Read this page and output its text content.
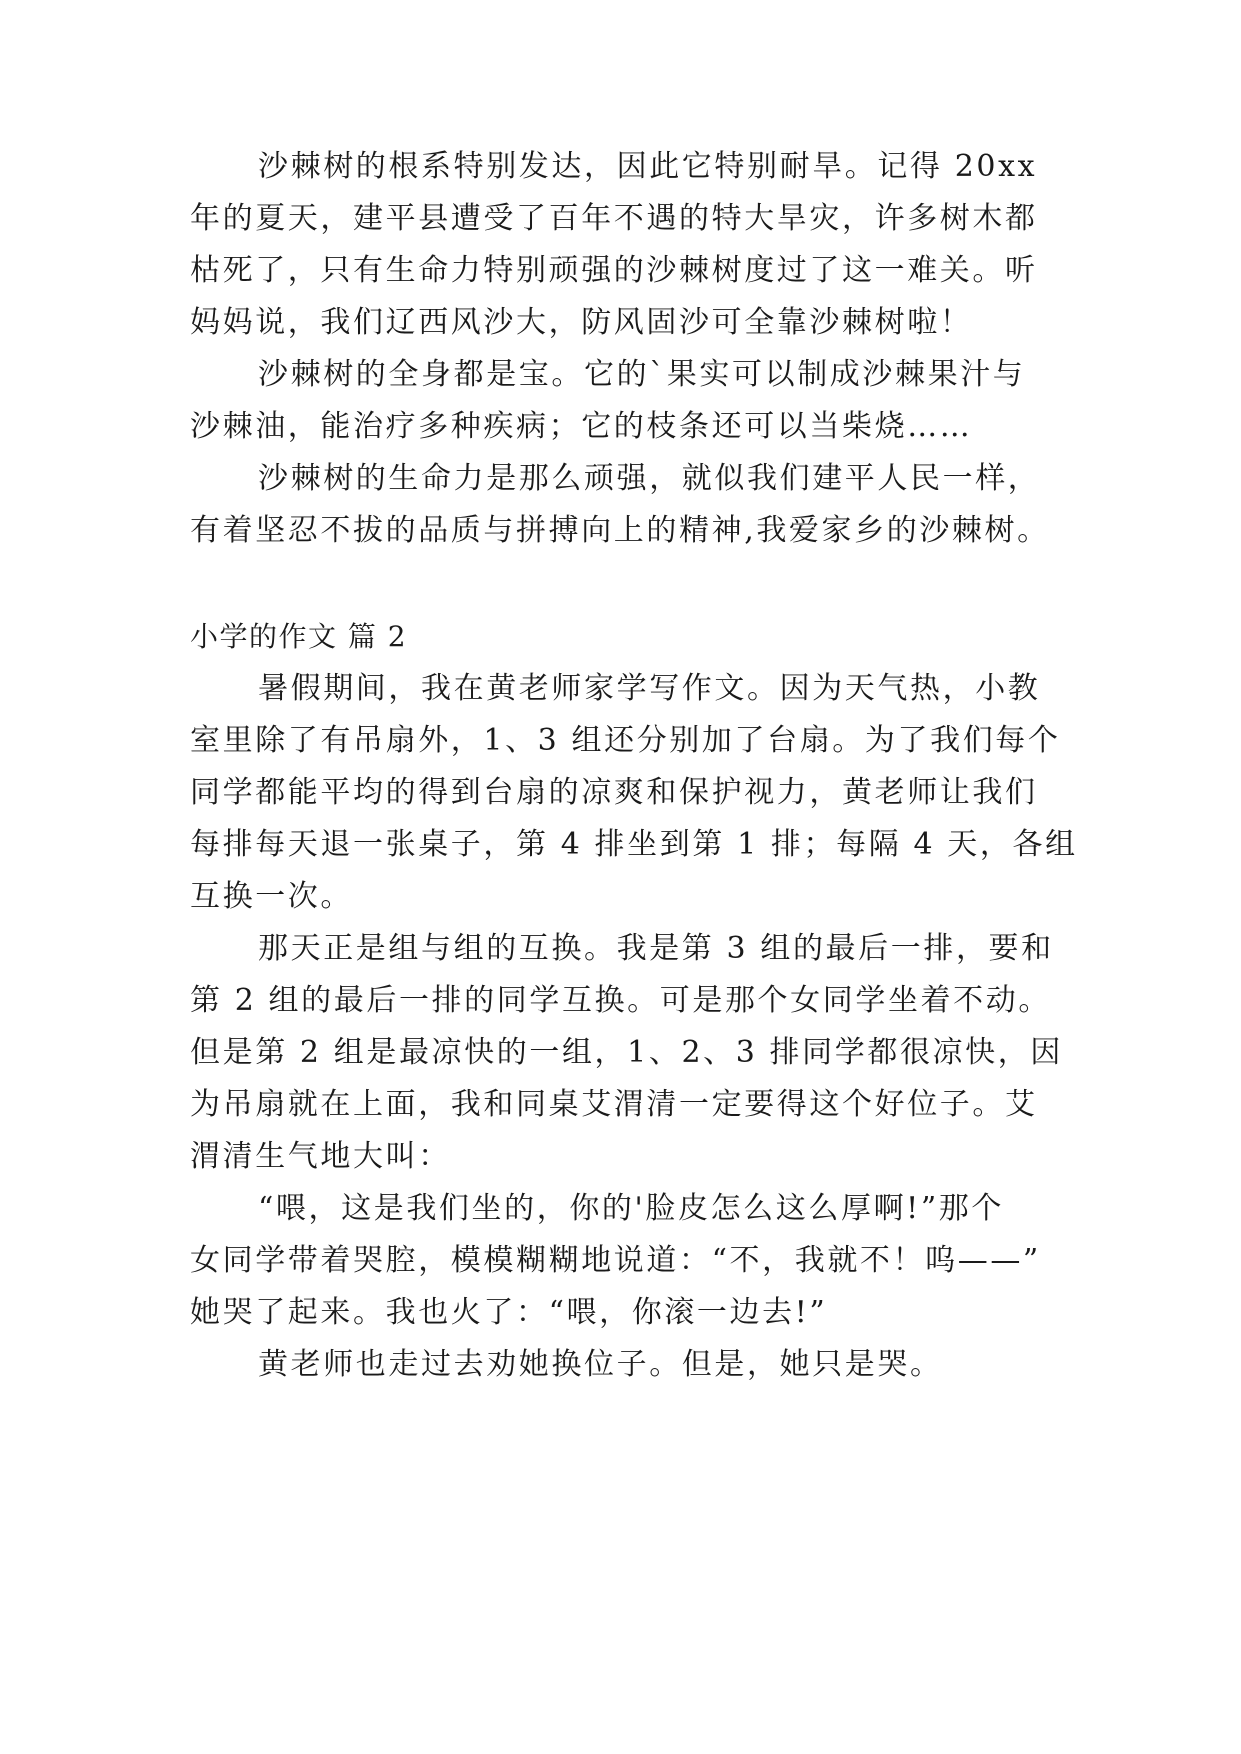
沙棘树的根系特别发达，因此它特别耐旱。记得 20xx
年的夏天，建平县遭受了百年不遇的特大旱灾，许多树木都
枯死了，只有生命力特别顽强的沙棘树度过了这一难关。听
妈妈说，我们辽西风沙大，防风固沙可全靠沙棘树啦！
沙棘树的全身都是宝。它的`果实可以制成沙棘果汁与
沙棘油，能治疗多种疾病；它的枝条还可以当柴烧……
沙棘树的生命力是那么顽强，就似我们建平人民一样，
有着坚忍不拔的品质与拼搏向上的精神,我爱家乡的沙棘树。
小学的作文 篇 2
暑假期间，我在黄老师家学写作文。因为天气热，小教
室里除了有吊扇外，1、3 组还分别加了台扇。为了我们每个
同学都能平均的得到台扇的凉爽和保护视力，黄老师让我们
每排每天退一张桌子，第 4 排坐到第 1 排；每隔 4 天，各组
互换一次。
那天正是组与组的互换。我是第 3 组的最后一排，要和
第 2 组的最后一排的同学互换。可是那个女同学坐着不动。
但是第 2 组是最凉快的一组，1、2、3 排同学都很凉快，因
为吊扇就在上面，我和同桌艾渭清一定要得这个好位子。艾
渭清生气地大叫：
“喂，这是我们坐的，你的'脸皮怎么这么厚啊!”那个
女同学带着哭腔，模模糊糊地说道：“不，我就不！呜——”
她哭了起来。我也火了：“喂，你滚一边去!”
黄老师也走过去劝她换位子。但是，她只是哭。
